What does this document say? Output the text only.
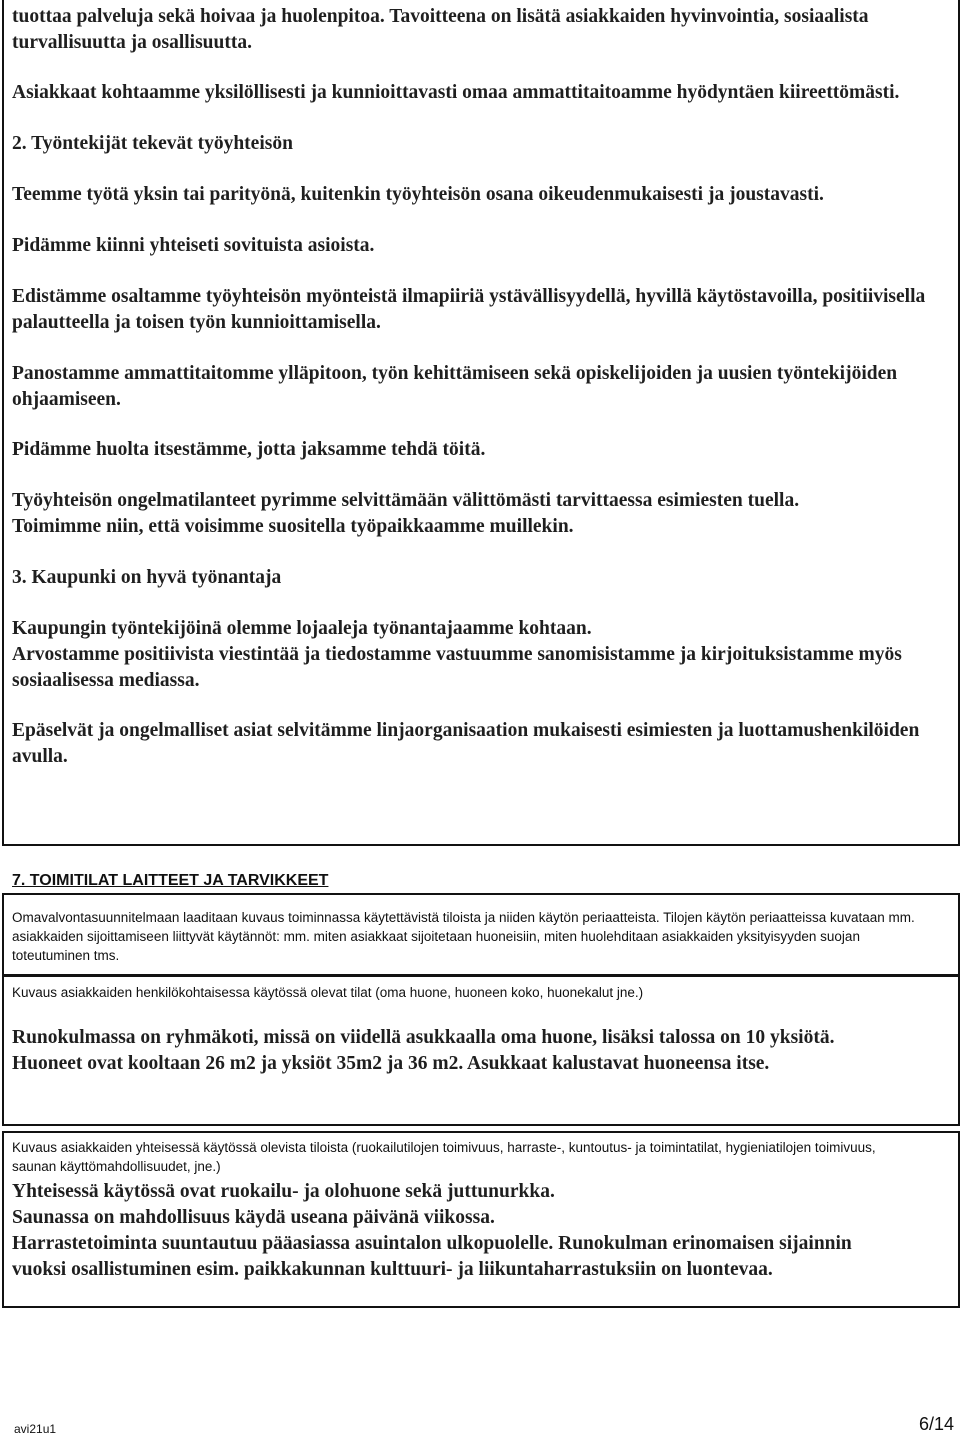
tuottaa palveluja sekä hoivaa ja huolenpitoa. Tavoitteena on lisätä asiakkaiden hyvinvointia, sosiaalista turvallisuutta ja osallisuutta.

Asiakkaat kohtaamme yksilöllisesti ja kunnioittavasti omaa ammattitaitoamme hyödyntäen kiireettömästi.

2. Työntekijät tekevät työyhteisön

Teemme työtä yksin tai parityönä, kuitenkin työyhteisön osana oikeudenmukaisesti ja joustavasti.

Pidämme kiinni yhteiseti sovituista asioista.

Edistämme osaltamme työyhteisön myönteistä ilmapiiriä ystävällisyydellä, hyvillä käytöstavoilla, positiivisella palautteella ja toisen työn kunnioittamisella.

Panostamme ammattitaitomme ylläpitoon, työn kehittämiseen sekä opiskelijoiden ja uusien työntekijöiden ohjaamiseen.

Pidämme huolta itsestämme, jotta jaksamme tehdä töitä.

Työyhteisön ongelmatilanteet pyrimme selvittämään välittömästi tarvittaessa esimiesten tuella.

Toimimme niin, että voisimme suositella työpaikkaamme muillekin.

3. Kaupunki on hyvä työnantaja

Kaupungin työntekijöinä olemme lojaaleja työnantajaamme kohtaan.

Arvostamme positiivista viestintää ja tiedostamme vastuumme sanomisistamme ja kirjoituksistamme myös sosiaalisessa mediassa.

Epäselvät ja ongelmalliset asiat selvitämme linjaorganisaation mukaisesti esimiesten ja luottamushenkilöiden avulla.

7. TOIMITILAT LAITTEET JA TARVIKKEET
Omavalvontasuunnitelmaan laaditaan kuvaus toiminnassa käytettävistä tiloista ja niiden käytön periaatteista. Tilojen käytön periaatteissa kuvataan mm. asiakkaiden sijoittamiseen liittyvät käytännöt: mm. miten asiakkaat sijoitetaan huoneisiin, miten huolehditaan asiakkaiden yksityisyyden suojan toteutuminen tms.
Kuvaus asiakkaiden henkilökohtaisessa käytössä olevat tilat (oma huone, huoneen koko, huonekalut jne.)

Runokulmassa on ryhmäkoti, missä on viidellä asukkaalla oma huone, lisäksi talossa on 10 yksiötä.

Huoneet ovat kooltaan 26 m2 ja yksiöt 35m2 ja 36 m2. Asukkaat kalustavat huoneensa itse.

Kuvaus asiakkaiden yhteisessä käytössä olevista tiloista (ruokailutilojen toimivuus, harraste-, kuntoutus- ja toimintatilat, hygieniatilojen toimivuus, saunan käyttömahdollisuudet, jne.)

Yhteisessä käytössä ovat ruokailu- ja olohuone sekä juttunurkka.

Saunassa on mahdollisuus käydä useana päivänä viikossa.

Harrastetoiminta suuntautuu pääasiassa asuintalon ulkopuolelle. Runokulman erinomaisen sijainnin vuoksi osallistuminen esim. paikkakunnan kulttuuri- ja liikuntaharrastuksiin on luontevaa.

avi21u1	6/14
